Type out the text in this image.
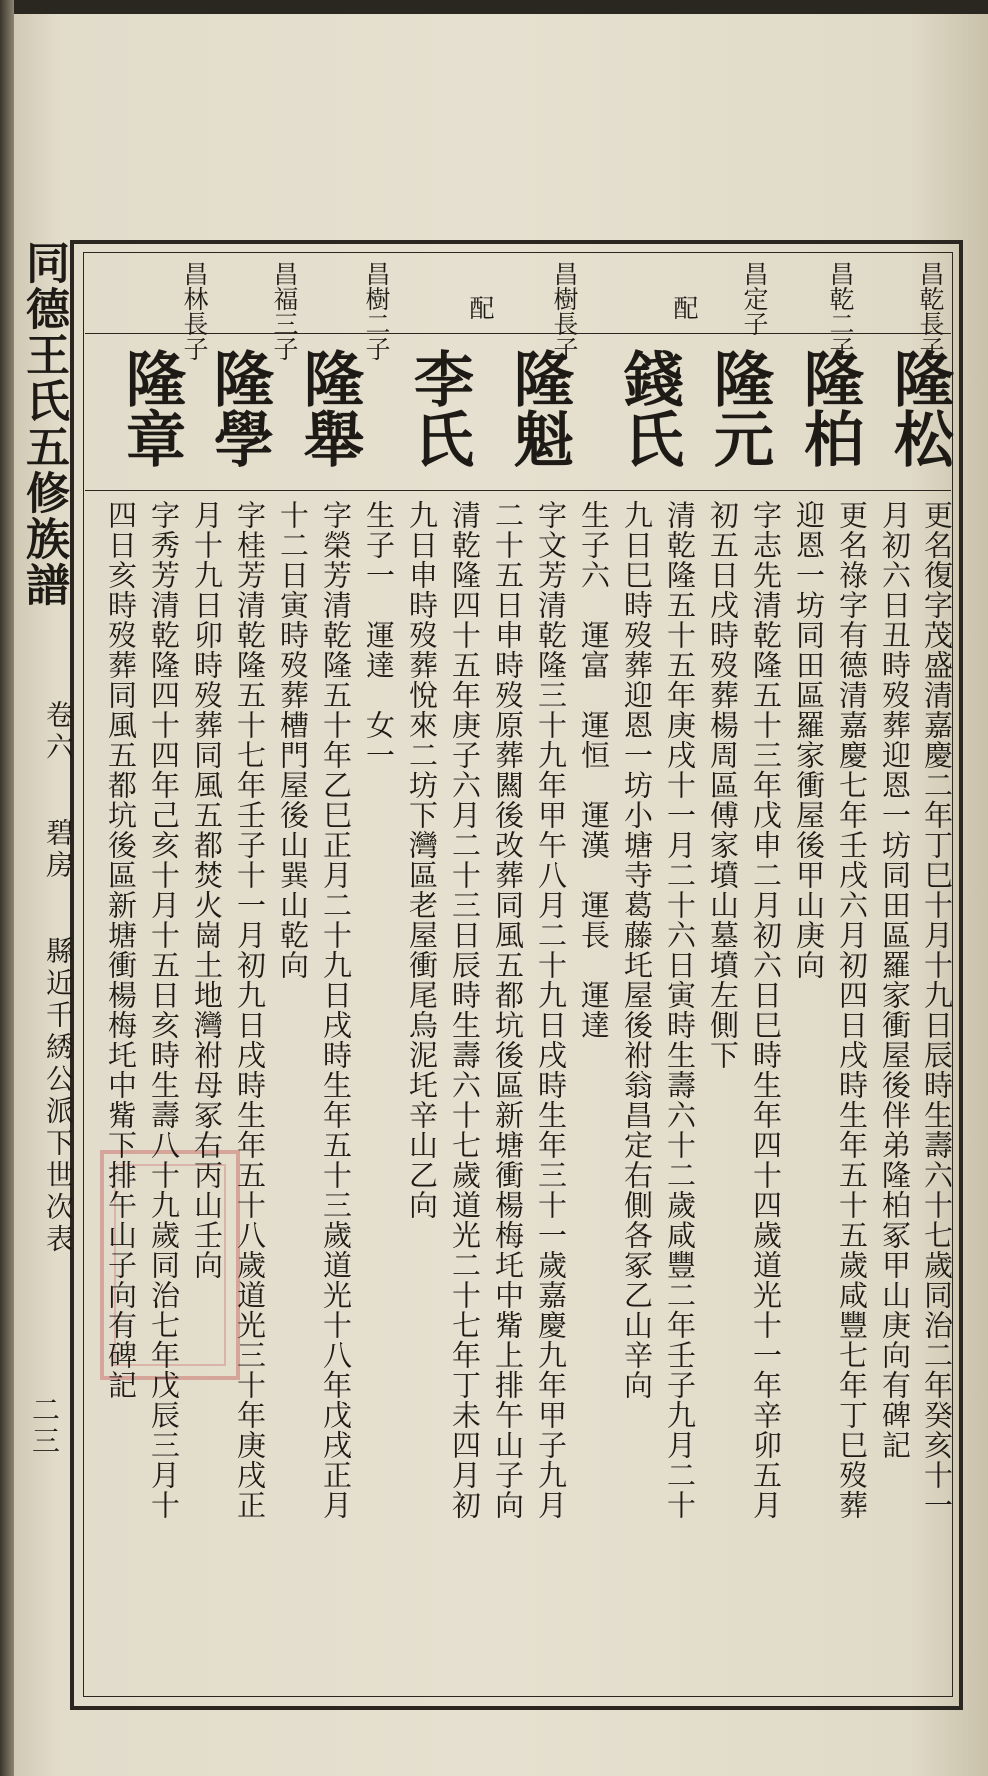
同德王氏五修族譜
卷六  碧房  縣近千綉公派下世次表
二三
昌乾長子
昌乾二子
昌定子
配
昌樹長子
配
昌樹二子
昌福三子
昌林長子
隆松
隆柏
隆元
錢氏
隆魁
李氏
隆舉
隆學
隆章
更名復字茂盛清嘉慶二年丁巳十月十九日辰時生壽六十七歲同治二年癸亥十一
月初六日丑時歿葬迎恩一坊同田區羅家衝屋後伴弟隆柏冢甲山庚向有碑記
更名祿字有德清嘉慶七年壬戌六月初四日戌時生年五十五歲咸豐七年丁巳歿葬
迎恩一坊同田區羅家衝屋後甲山庚向
字志先清乾隆五十三年戊申二月初六日巳時生年四十四歲道光十一年辛卯五月
初五日戌時歿葬楊周區傅家墳山墓墳左側下
清乾隆五十五年庚戌十一月二十六日寅時生壽六十二歲咸豐二年壬子九月二十
九日巳時歿葬迎恩一坊小塘寺葛藤圫屋後祔翁昌定右側各冢乙山辛向
生子六　運富　運恒　運漢　運長　運達
字文芳清乾隆三十九年甲午八月二十九日戌時生年三十一歲嘉慶九年甲子九月
二十五日申時歿原葬闗後改葬同風五都坑後區新塘衝楊梅圫中觜上排午山子向
清乾隆四十五年庚子六月二十三日辰時生壽六十七歲道光二十七年丁未四月初
九日申時歿葬悅來二坊下灣區老屋衝尾烏泥圫辛山乙向
生子一　運達　女一
字榮芳清乾隆五十年乙巳正月二十九日戌時生年五十三歲道光十八年戊戌正月
十二日寅時歿葬槽門屋後山巽山乾向
字桂芳清乾隆五十七年壬子十一月初九日戌時生年五十八歲道光三十年庚戌正
月十九日卯時歿葬同風五都焚火崗土地灣祔母冢右丙山壬向
字秀芳清乾隆四十四年己亥十月十五日亥時生壽八十九歲同治七年戊辰三月十
四日亥時歿葬同風五都坑後區新塘衝楊梅圫中觜下排午山子向有碑記
